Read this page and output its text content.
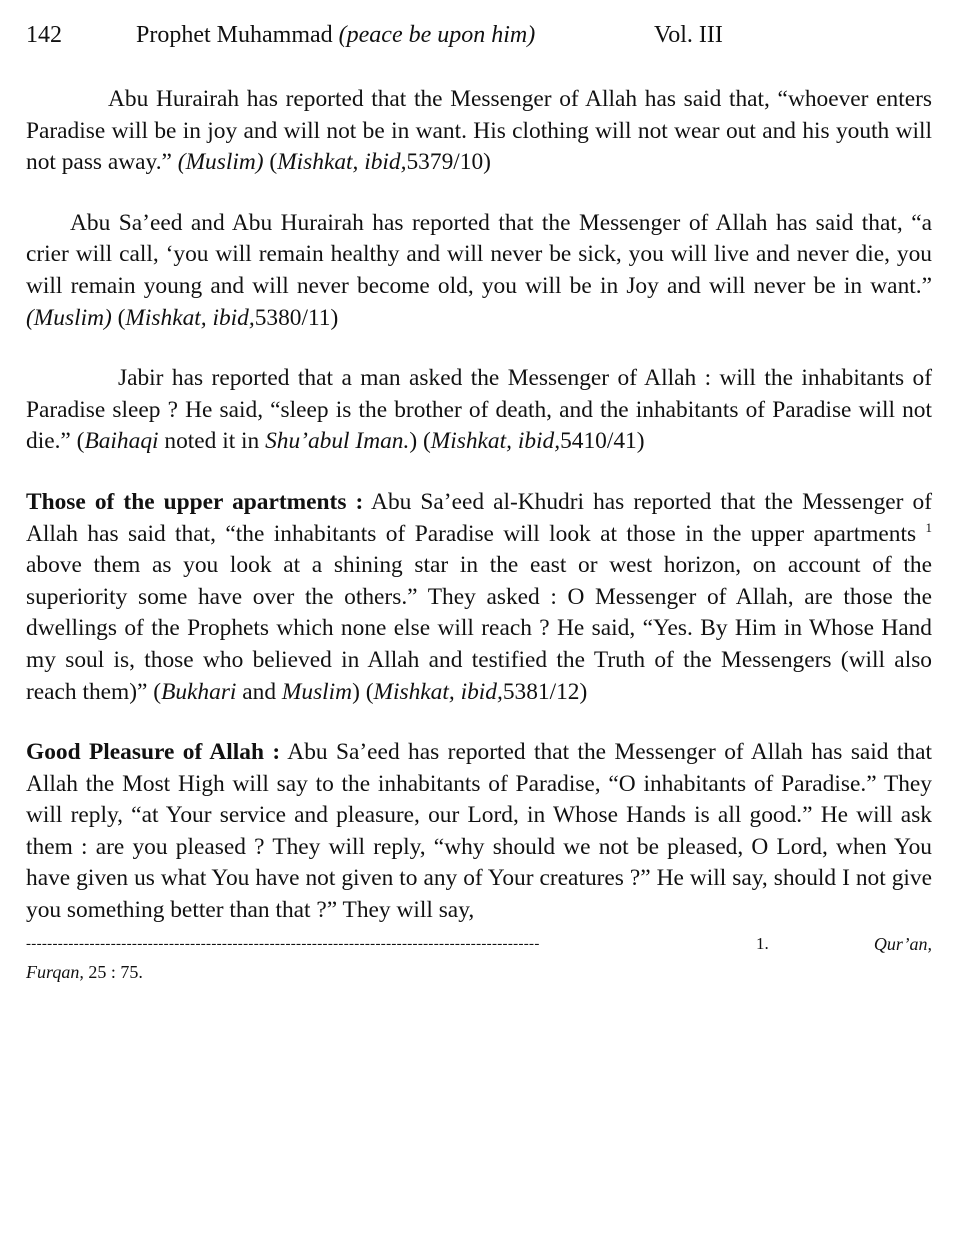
142	Prophet Muhammad (peace be upon him)	Vol. III

Abu Hurairah has reported that the Messenger of Allah has said that, “whoever enters Paradise will be in joy and will not be in want. His clothing will not wear out and his youth will not pass away.” (Muslim) (Mishkat, ibid,5379/10)

Abu Sa’eed and Abu Hurairah has reported that the Messenger of Allah has said that, “a crier will call, ‘you will remain healthy and will never be sick, you will live and never die, you will remain young and will never become old, you will be in Joy and will never be in want.” (Muslim) (Mishkat, ibid,5380/11)

Jabir has reported that a man asked the Messenger of Allah : will the inhabitants of Paradise sleep ? He said, “sleep is the brother of death, and the inhabitants of Paradise will not die.” (Baihaqi noted it in Shu’abul Iman.) (Mishkat, ibid,5410/41)

Those of the upper apartments : Abu Sa’eed al-Khudri has reported that the Messenger of Allah has said that, “the inhabitants of Paradise will look at those in the upper apartments $^1$ above them as you look at a shining star in the east or west horizon, on account of the superiority some have over the others.” They asked : O Messenger of Allah, are those the dwellings of the Prophets which none else will reach ? He said, “Yes. By Him in Whose Hand my soul is, those who believed in Allah and testified the Truth of the Messengers (will also reach them)” (Bukhari and Muslim) (Mishkat, ibid,5381/12)

Good Pleasure of Allah : Abu Sa’eed has reported that the Messenger of Allah has said that Allah the Most High will say to the inhabitants of Paradise, “O inhabitants of Paradise.” They will reply, “at Your service and pleasure, our Lord, in Whose Hands is all good.” He will ask them : are you pleased ? They will reply, “why should we not be pleased, O Lord, when You have given us what You have not given to any of Your creatures ?” He will say, should I not give you something better than that ?” They will say,

-------------------------------------------------------------------------------------------------	1.	Qur’an,
Furqan, 25 : 75.
